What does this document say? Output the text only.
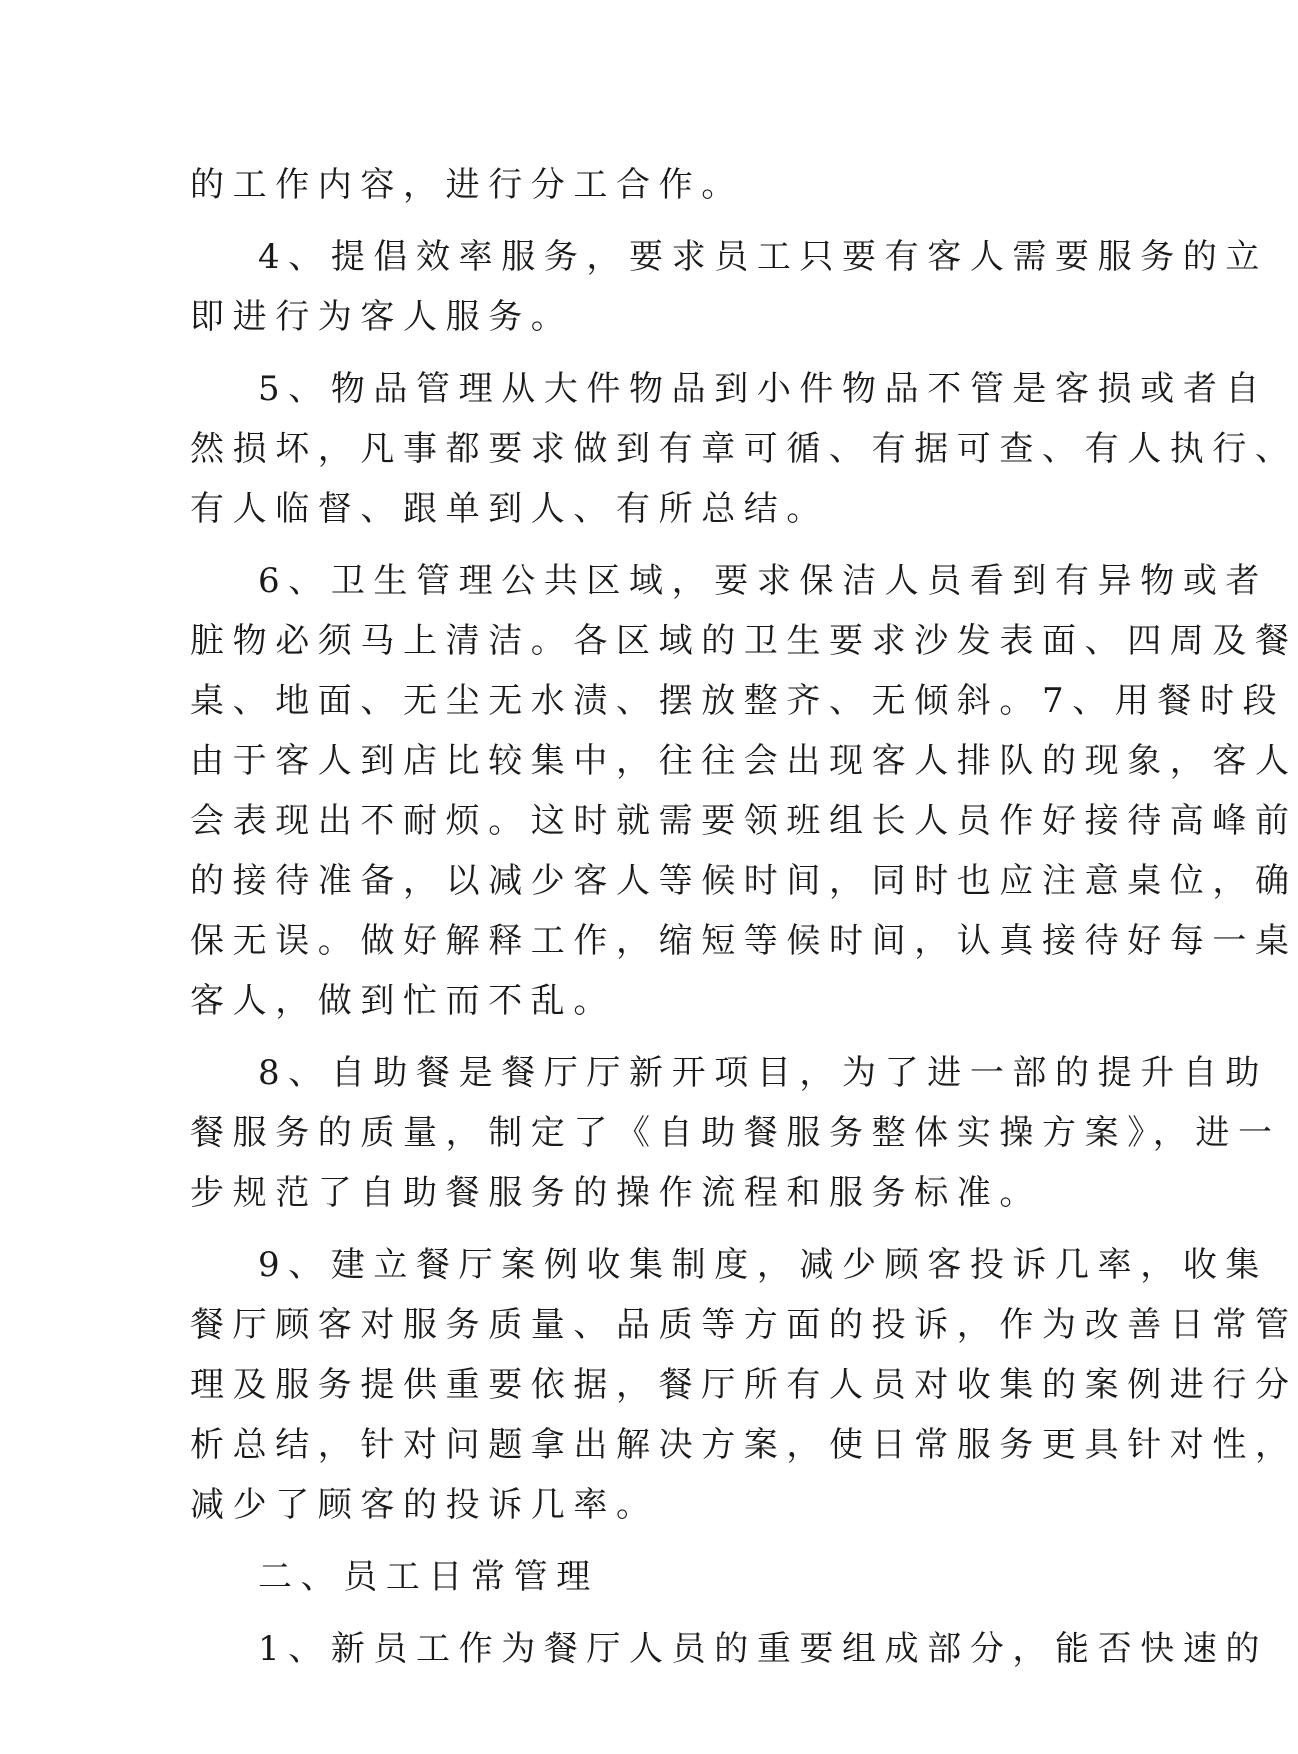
的工作内容，进行分工合作。
4、提倡效率服务，要求员工只要有客人需要服务的立
即进行为客人服务。
5、物品管理从大件物品到小件物品不管是客损或者自
然损坏，凡事都要求做到有章可循、有据可查、有人执行、
有人临督、跟单到人、有所总结。
6、卫生管理公共区域，要求保洁人员看到有异物或者
脏物必须马上清洁。各区域的卫生要求沙发表面、四周及餐
桌、地面、无尘无水渍、摆放整齐、无倾斜。7、用餐时段
由于客人到店比较集中，往往会出现客人排队的现象，客人
会表现出不耐烦。这时就需要领班组长人员作好接待高峰前
的接待准备，以减少客人等候时间，同时也应注意桌位，确
保无误。做好解释工作，缩短等候时间，认真接待好每一桌
客人，做到忙而不乱。
8、自助餐是餐厅厅新开项目，为了进一部的提升自助
餐服务的质量，制定了《自助餐服务整体实操方案》，进一
步规范了自助餐服务的操作流程和服务标准。
9、建立餐厅案例收集制度，减少顾客投诉几率，收集
餐厅顾客对服务质量、品质等方面的投诉，作为改善日常管
理及服务提供重要依据，餐厅所有人员对收集的案例进行分
析总结，针对问题拿出解决方案，使日常服务更具针对性，
减少了顾客的投诉几率。
二、员工日常管理
1、新员工作为餐厅人员的重要组成部分，能否快速的
